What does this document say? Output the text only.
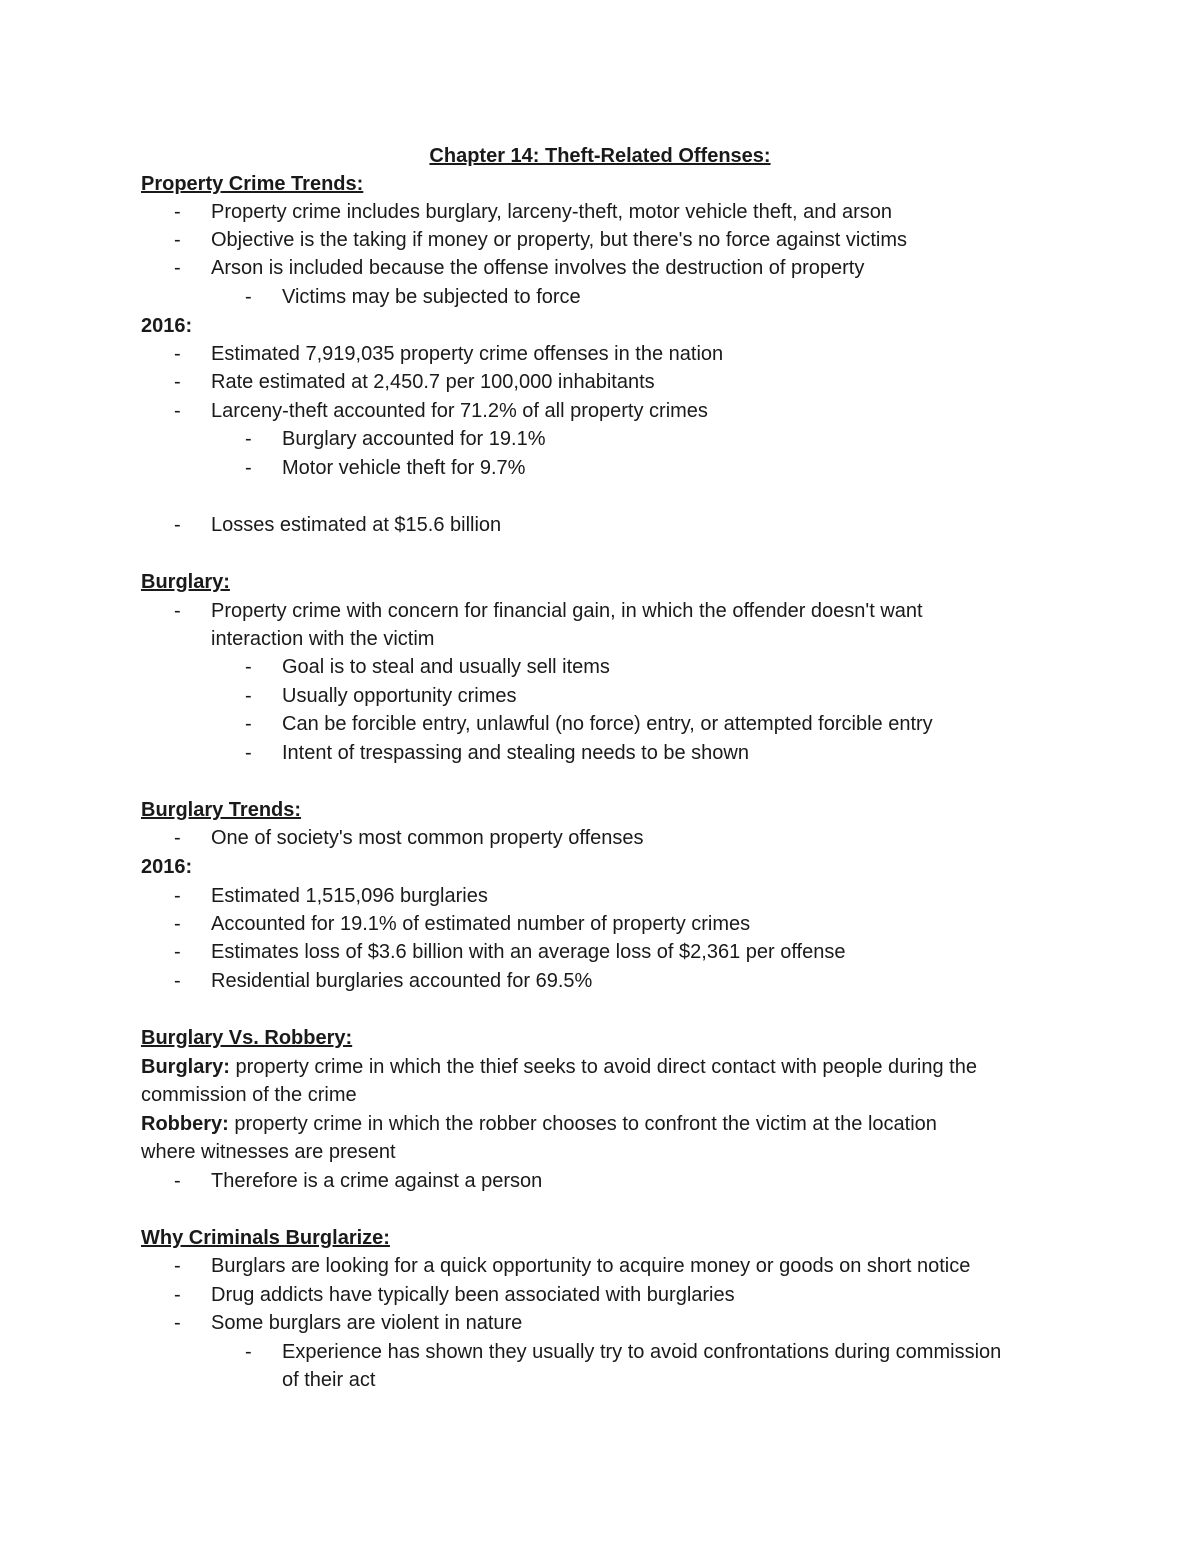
Chapter 14: Theft-Related Offenses:
Property Crime Trends:
- Property crime includes burglary, larceny-theft, motor vehicle theft, and arson
- Objective is the taking if money or property, but there's no force against victims
- Arson is included because the offense involves the destruction of property
- Victims may be subjected to force
2016:
- Estimated 7,919,035 property crime offenses in the nation
- Rate estimated at 2,450.7 per 100,000 inhabitants
- Larceny-theft accounted for 71.2% of all property crimes
- Burglary accounted for 19.1%
- Motor vehicle theft for 9.7%
- Losses estimated at $15.6 billion
Burglary:
- Property crime with concern for financial gain, in which the offender doesn't want
interaction with the victim
- Goal is to steal and usually sell items
- Usually opportunity crimes
- Can be forcible entry, unlawful (no force) entry, or attempted forcible entry
- Intent of trespassing and stealing needs to be shown
Burglary Trends:
- One of society's most common property offenses
2016:
- Estimated 1,515,096 burglaries
- Accounted for 19.1% of estimated number of property crimes
- Estimates loss of $3.6 billion with an average loss of $2,361 per offense
- Residential burglaries accounted for 69.5%
Burglary Vs. Robbery:
Burglary: property crime in which the thief seeks to avoid direct contact with people during the
commission of the crime
Robbery: property crime in which the robber chooses to confront the victim at the location
where witnesses are present
- Therefore is a crime against a person
Why Criminals Burglarize:
- Burglars are looking for a quick opportunity to acquire money or goods on short notice
- Drug addicts have typically been associated with burglaries
- Some burglars are violent in nature
- Experience has shown they usually try to avoid confrontations during commission
of their act
